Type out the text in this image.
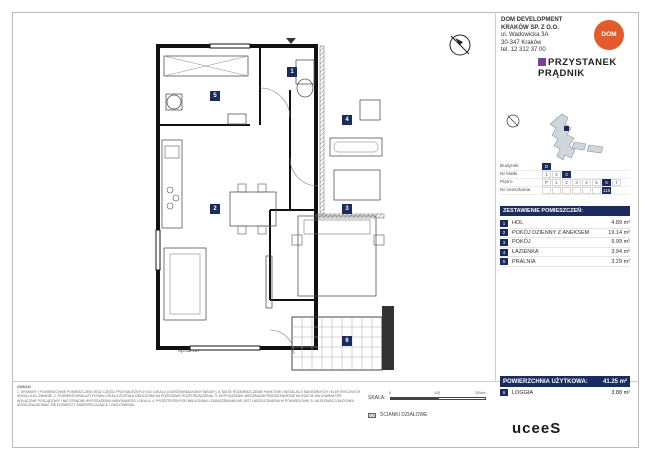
DOM DEVELOPMENT
KRAKÓW SP. Z O.O.
ul. Wadowicka 3A
30-347 Kraków
tel. 12 312 37 00
DOM
PRZYSTANEK
PRĄDNIK
Budynek	D
Nr klatki	1	2	3
Piętro	P	1	2	3	4	5	6	7
Nr mieszkania	116
ZESTAWIENIE POMIESZCZEŃ:
1	HOL	4.89 m²
2	POKÓJ DZIENNY Z ANEKSEM	19.14 m²
3	POKÓJ	9.99 m²
4	ŁAZIENKA	3.94 m²
5	PRALNIA	3.29 m²
POWIERZCHNIA UŻYTKOWA:	41.25 m²
6	LOGGIA	3.88 m²
UWAGA!
1. WYMIARY I POWIERZCHNIE POMIESZCZEŃ ORAZ CZĘŚCI PRZYNALEŻNYCH DO LOKALU (OGRÓDKI/BALKONY/TARASY), A TAKŻE ROZMIESZCZENIE PUNKTÓW I INSTALACJI SANITARNYCH I ELEKTRYCZNYCH MOGĄ ULEC ZMIANIE. 2. POWIERZCHNIA UŻYTKOWA LOKALU ZOSTAŁA OBLICZONA NA PODSTAWIE ROZPORZĄDZENIA. 3. WYPOSAŻENIE MIESZKANIA PRZEDSTAWIONE NA RZUCIE MA CHARAKTER WYŁĄCZNIE POGLĄDOWY I NIE STANOWI WYPOSAŻENIA NABYWANEGO LOKALU. 4. PRZESTRZEŃ POD BALKONAMI I ZADASZENIAMI NIE JEST UWZGLĘDNIONA W POWIERZCHNI. 5. NA ELEWACJI BUDYNKU MOGĄ ZNAJDOWAĆ SIĘ ELEMENTY ZABEZPIECZAJĄCE I ZAKOTWIENIA.
SKALA:
0	100	200cm
ŚCIANKI DZIAŁOWE
uceeS
1
5
4
2	3
6
Hp=58 cm
